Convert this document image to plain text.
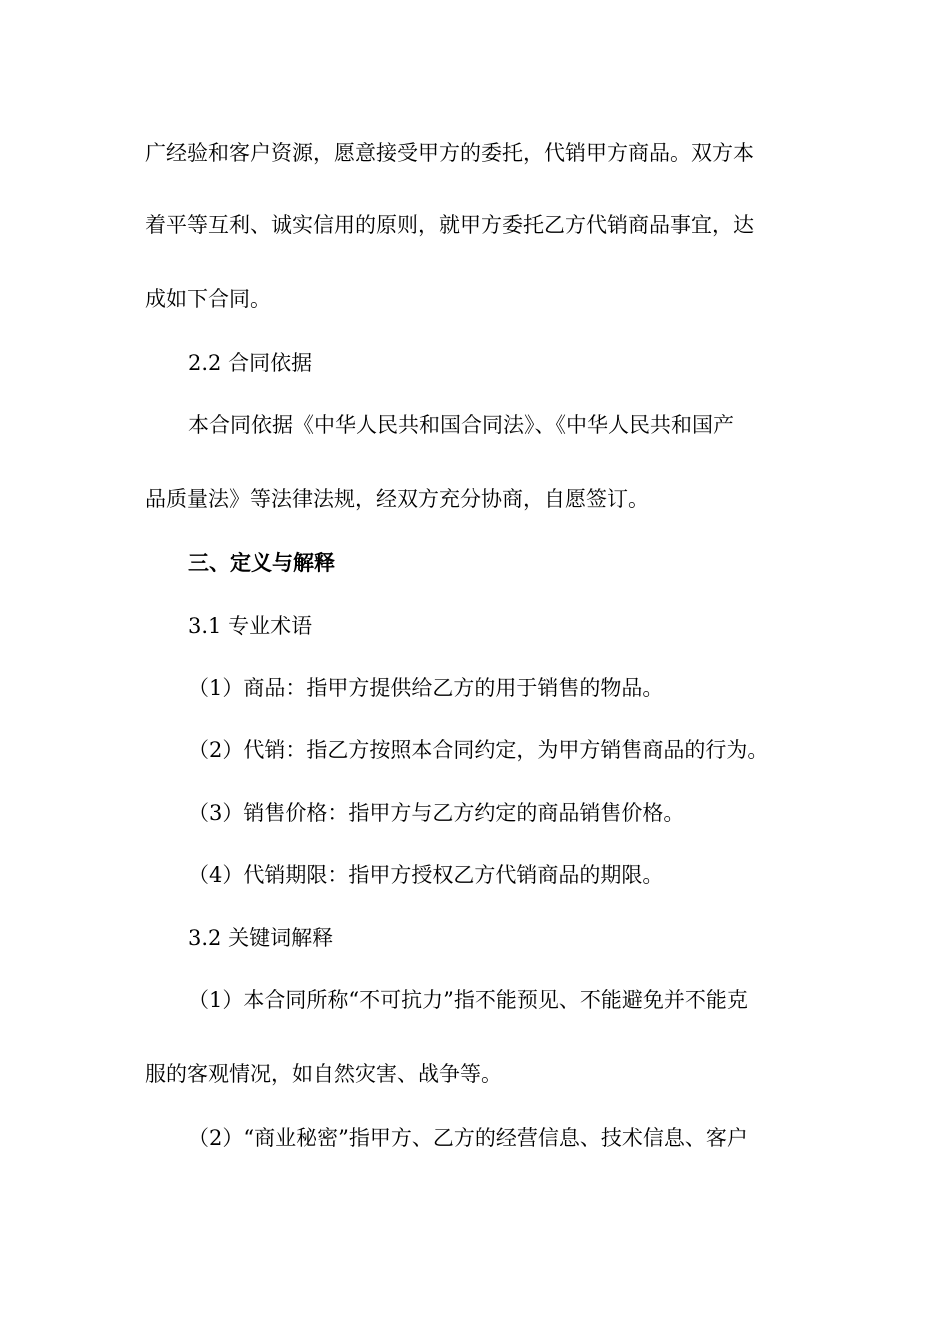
广经验和客户资源，愿意接受甲方的委托，代销甲方商品。双方本
着平等互利、诚实信用的原则，就甲方委托乙方代销商品事宜，达
成如下合同。
2.2 合同依据
本合同依据《中华人民共和国合同法》、《中华人民共和国产
品质量法》等法律法规，经双方充分协商，自愿签订。
三、定义与解释
3.1 专业术语
（1）商品：指甲方提供给乙方的用于销售的物品。
（2）代销：指乙方按照本合同约定，为甲方销售商品的行为。
（3）销售价格：指甲方与乙方约定的商品销售价格。
（4）代销期限：指甲方授权乙方代销商品的期限。
3.2 关键词解释
（1）本合同所称“不可抗力”指不能预见、不能避免并不能克
服的客观情况，如自然灾害、战争等。
（2）“商业秘密”指甲方、乙方的经营信息、技术信息、客户
